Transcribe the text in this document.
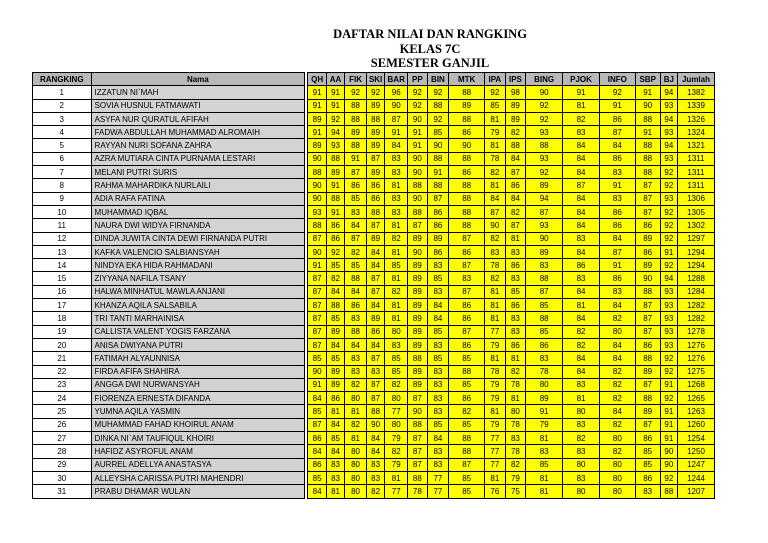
DAFTAR NILAI DAN RANGKING
KELAS 7C
SEMESTER GANJIL
RANGKING	Nama		QH	AA	FIK	SKI	BAR	PP	BIN	MTK	IPA	IPS	BING	PJOK	INFO	SBP	BJ	Jumlah
1	IZZATUN NI`MAH		91	91	92	92	96	92	92	88	92	98	90	91	92	91	94	1382
2	SOVIA HUSNUL FATMAWATI		91	91	88	89	90	92	88	89	85	89	92	81	91	90	93	1339
3	ASYFA NUR QURATUL AFIFAH		89	92	88	88	87	90	92	88	81	89	92	82	86	88	94	1326
4	FADWA ABDULLAH MUHAMMAD ALROMAIH		91	94	89	89	91	91	85	86	79	82	93	83	87	91	93	1324
5	RAYYAN NURI SOFANA ZAHRA		89	93	88	89	84	91	90	90	81	88	88	84	84	88	94	1321
6	AZRA MUTIARA CINTA PURNAMA LESTARI		90	88	91	87	83	90	88	88	78	84	93	84	86	88	93	1311
7	MELANI PUTRI SURIS		88	89	87	89	83	90	91	86	82	87	92	84	83	88	92	1311
8	RAHMA MAHARDIKA NURLAILI		90	91	86	86	81	88	88	88	81	86	89	87	91	87	92	1311
9	ADIA RAFA FATINA		90	88	85	86	83	90	87	88	84	84	94	84	83	87	93	1306
10	MUHAMMAD IQBAL		93	91	83	88	83	88	86	88	87	82	87	84	86	87	92	1305
11	NAURA DWI WIDYA FIRNANDA		88	86	84	87	81	87	86	88	90	87	93	84	86	86	92	1302
12	DINDA JUWITA CINTA DEWI FIRNANDA PUTRI		87	86	87	89	82	89	89	87	82	81	90	83	84	89	92	1297
13	KAFKA VALENCIO SALBIANSYAH		90	92	82	84	81	90	86	86	83	83	89	84	87	86	91	1294
14	NINDYA EKA HIDA RAHMADANI		91	85	85	84	85	89	83	87	78	86	83	86	91	89	92	1294
15	ZIYYANA NAFILA TSANY		87	82	88	87	81	89	85	83	82	83	88	83	86	90	94	1288
16	HALWA MINHATUL MAWLA ANJANI		87	84	84	87	82	89	83	87	81	85	87	84	83	88	93	1284
17	KHANZA AQILA SALSABILA		87	88	86	84	81	89	84	86	81	86	85	81	84	87	93	1282
18	TRI TANTI MARHAINISA		87	85	83	89	81	89	84	86	81	83	88	84	82	87	93	1282
19	CALLISTA VALENT YOGIS FARZANA		87	89	88	86	80	89	85	87	77	83	85	82	80	87	93	1278
20	ANISA DWIYANA PUTRI		87	84	84	84	83	89	83	86	79	86	86	82	84	86	93	1276
21	FATIMAH ALYAUNNISA		85	85	83	87	85	88	85	85	81	81	83	84	84	88	92	1276
22	FIRDA AFIFA SHAHIRA		90	89	83	83	85	89	83	88	78	82	78	84	82	89	92	1275
23	ANGGA DWI NURWANSYAH		91	89	82	87	82	89	83	85	79	78	80	83	82	87	91	1268
24	FIORENZA ERNESTA DIFANDA		84	86	80	87	80	87	83	86	79	81	89	81	82	88	92	1265
25	YUMNA AQILA YASMIN		85	81	81	88	77	90	83	82	81	80	91	80	84	89	91	1263
26	MUHAMMAD FAHAD KHOIRUL ANAM		87	84	82	90	80	88	85	85	79	78	79	83	82	87	91	1260
27	DINKA NI`AM TAUFIQUL KHOIRI		86	85	81	84	79	87	84	88	77	83	81	82	80	86	91	1254
28	HAFIDZ ASYROFUL ANAM		84	84	80	84	82	87	83	88	77	78	83	83	82	85	90	1250
29	AURREL ADELLYA ANASTASYA		86	83	80	83	79	87	83	87	77	82	85	80	80	85	90	1247
30	ALLEYSHA CARISSA PUTRI MAHENDRI		85	83	80	83	81	88	77	85	81	79	81	83	80	86	92	1244
31	PRABU DHAMAR WULAN		84	81	80	82	77	78	77	85	76	75	81	80	80	83	88	1207
